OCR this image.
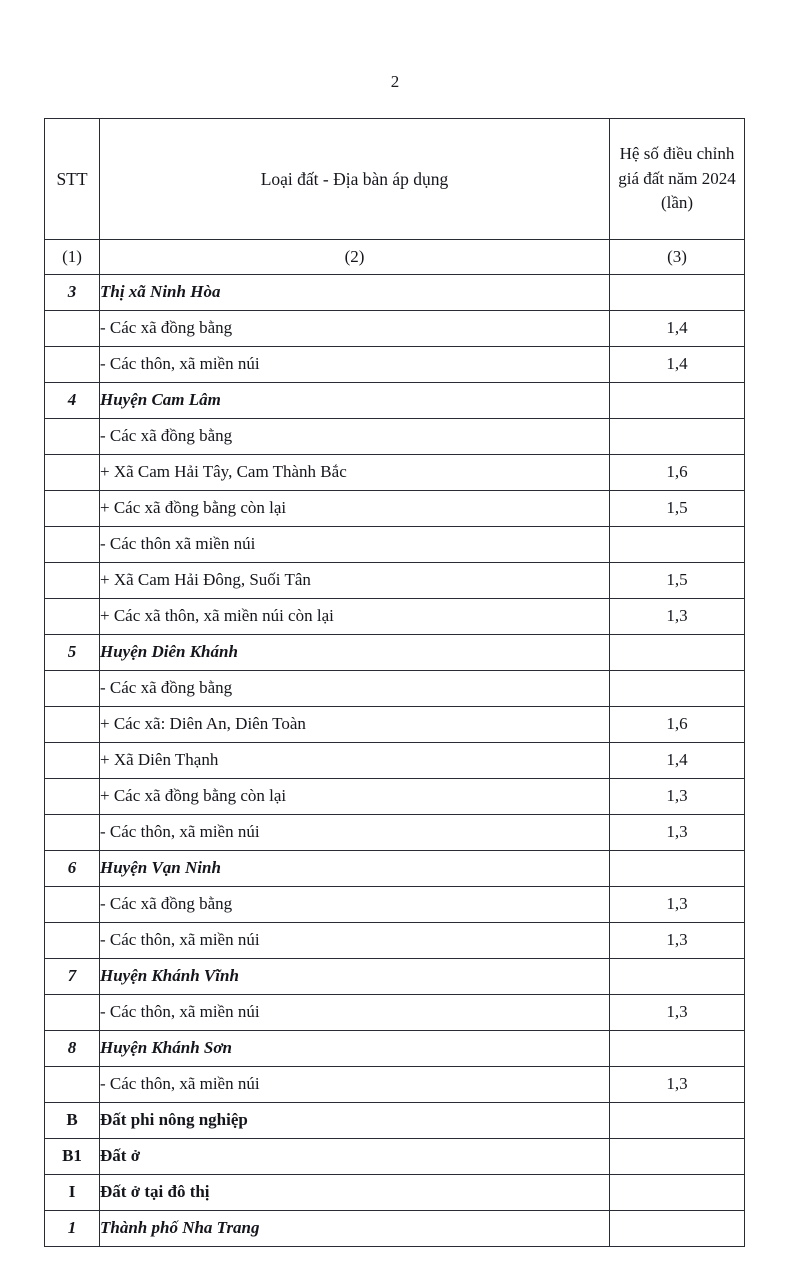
2
STT	Loại đất - Địa bàn áp dụng	Hệ số điều chỉnh giá đất năm 2024 (lần)
(1)	(2)	(3)
3	Thị xã Ninh Hòa	
	- Các xã đồng bằng	1,4
	- Các thôn, xã miền núi	1,4
4	Huyện Cam Lâm	
	- Các xã đồng bằng	
	+ Xã Cam Hải Tây, Cam Thành Bắc	1,6
	+ Các xã đồng bằng còn lại	1,5
	- Các thôn xã miền núi	
	+ Xã Cam Hải Đông, Suối Tân	1,5
	+ Các xã thôn, xã miền núi còn lại	1,3
5	Huyện Diên Khánh	
	- Các xã đồng bằng	
	+ Các xã: Diên An, Diên Toàn	1,6
	+ Xã Diên Thạnh	1,4
	+ Các xã đồng bằng còn lại	1,3
	- Các thôn, xã miền núi	1,3
6	Huyện Vạn Ninh	
	- Các xã đồng bằng	1,3
	- Các thôn, xã miền núi	1,3
7	Huyện Khánh Vĩnh	
	- Các thôn, xã miền núi	1,3
8	Huyện Khánh Sơn	
	- Các thôn, xã miền núi	1,3
B	Đất phi nông nghiệp	
B1	Đất ở	
I	Đất ở tại đô thị	
1	Thành phố Nha Trang	
